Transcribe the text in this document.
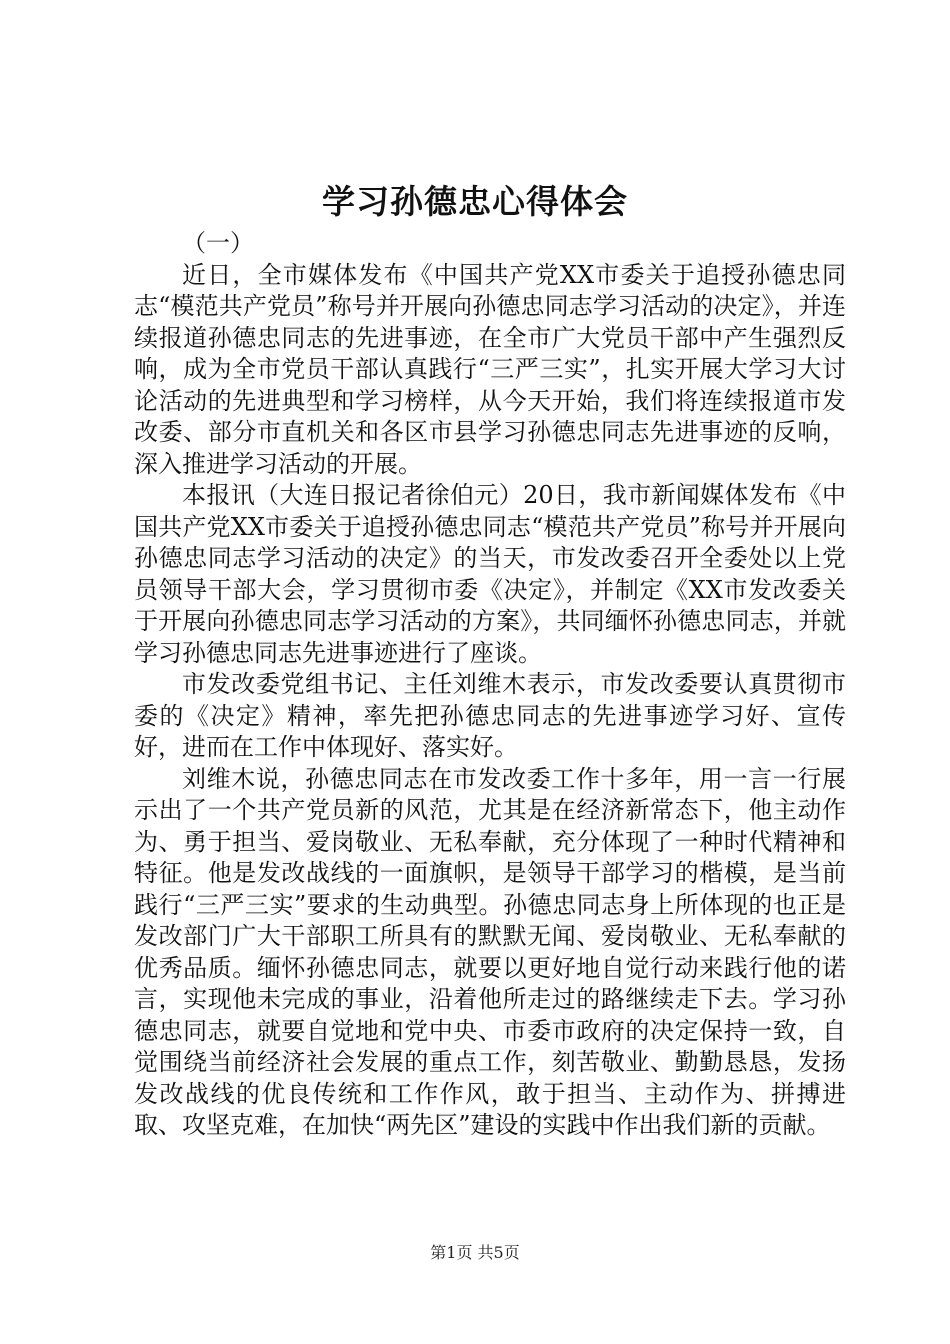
学习孙德忠心得体会

（一）

近日，全市媒体发布《中国共产党XX市委关于追授孙德忠同志“模范共产党员”称号并开展向孙德忠同志学习活动的决定》，并连续报道孙德忠同志的先进事迹，在全市广大党员干部中产生强烈反响，成为全市党员干部认真践行“三严三实”，扎实开展大学习大讨论活动的先进典型和学习榜样，从今天开始，我们将连续报道市发改委、部分市直机关和各区市县学习孙德忠同志先进事迹的反响，深入推进学习活动的开展。

本报讯（大连日报记者徐伯元）20日，我市新闻媒体发布《中国共产党XX市委关于追授孙德忠同志“模范共产党员”称号并开展向孙德忠同志学习活动的决定》的当天，市发改委召开全委处以上党员领导干部大会，学习贯彻市委《决定》，并制定《XX市发改委关于开展向孙德忠同志学习活动的方案》，共同缅怀孙德忠同志，并就学习孙德忠同志先进事迹进行了座谈。

市发改委党组书记、主任刘维木表示，市发改委要认真贯彻市委的《决定》精神，率先把孙德忠同志的先进事迹学习好、宣传好，进而在工作中体现好、落实好。

刘维木说，孙德忠同志在市发改委工作十多年，用一言一行展示出了一个共产党员新的风范，尤其是在经济新常态下，他主动作为、勇于担当、爱岗敬业、无私奉献，充分体现了一种时代精神和特征。他是发改战线的一面旗帜，是领导干部学习的楷模，是当前践行“三严三实”要求的生动典型。孙德忠同志身上所体现的也正是发改部门广大干部职工所具有的默默无闻、爱岗敬业、无私奉献的优秀品质。缅怀孙德忠同志，就要以更好地自觉行动来践行他的诺言，实现他未完成的事业，沿着他所走过的路继续走下去。学习孙德忠同志，就要自觉地和党中央、市委市政府的决定保持一致，自觉围绕当前经济社会发展的重点工作，刻苦敬业、勤勤恳恳，发扬发改战线的优良传统和工作作风，敢于担当、主动作为、拼搏进取、攻坚克难，在加快“两先区”建设的实践中作出我们新的贡献。

第1页 共5页
